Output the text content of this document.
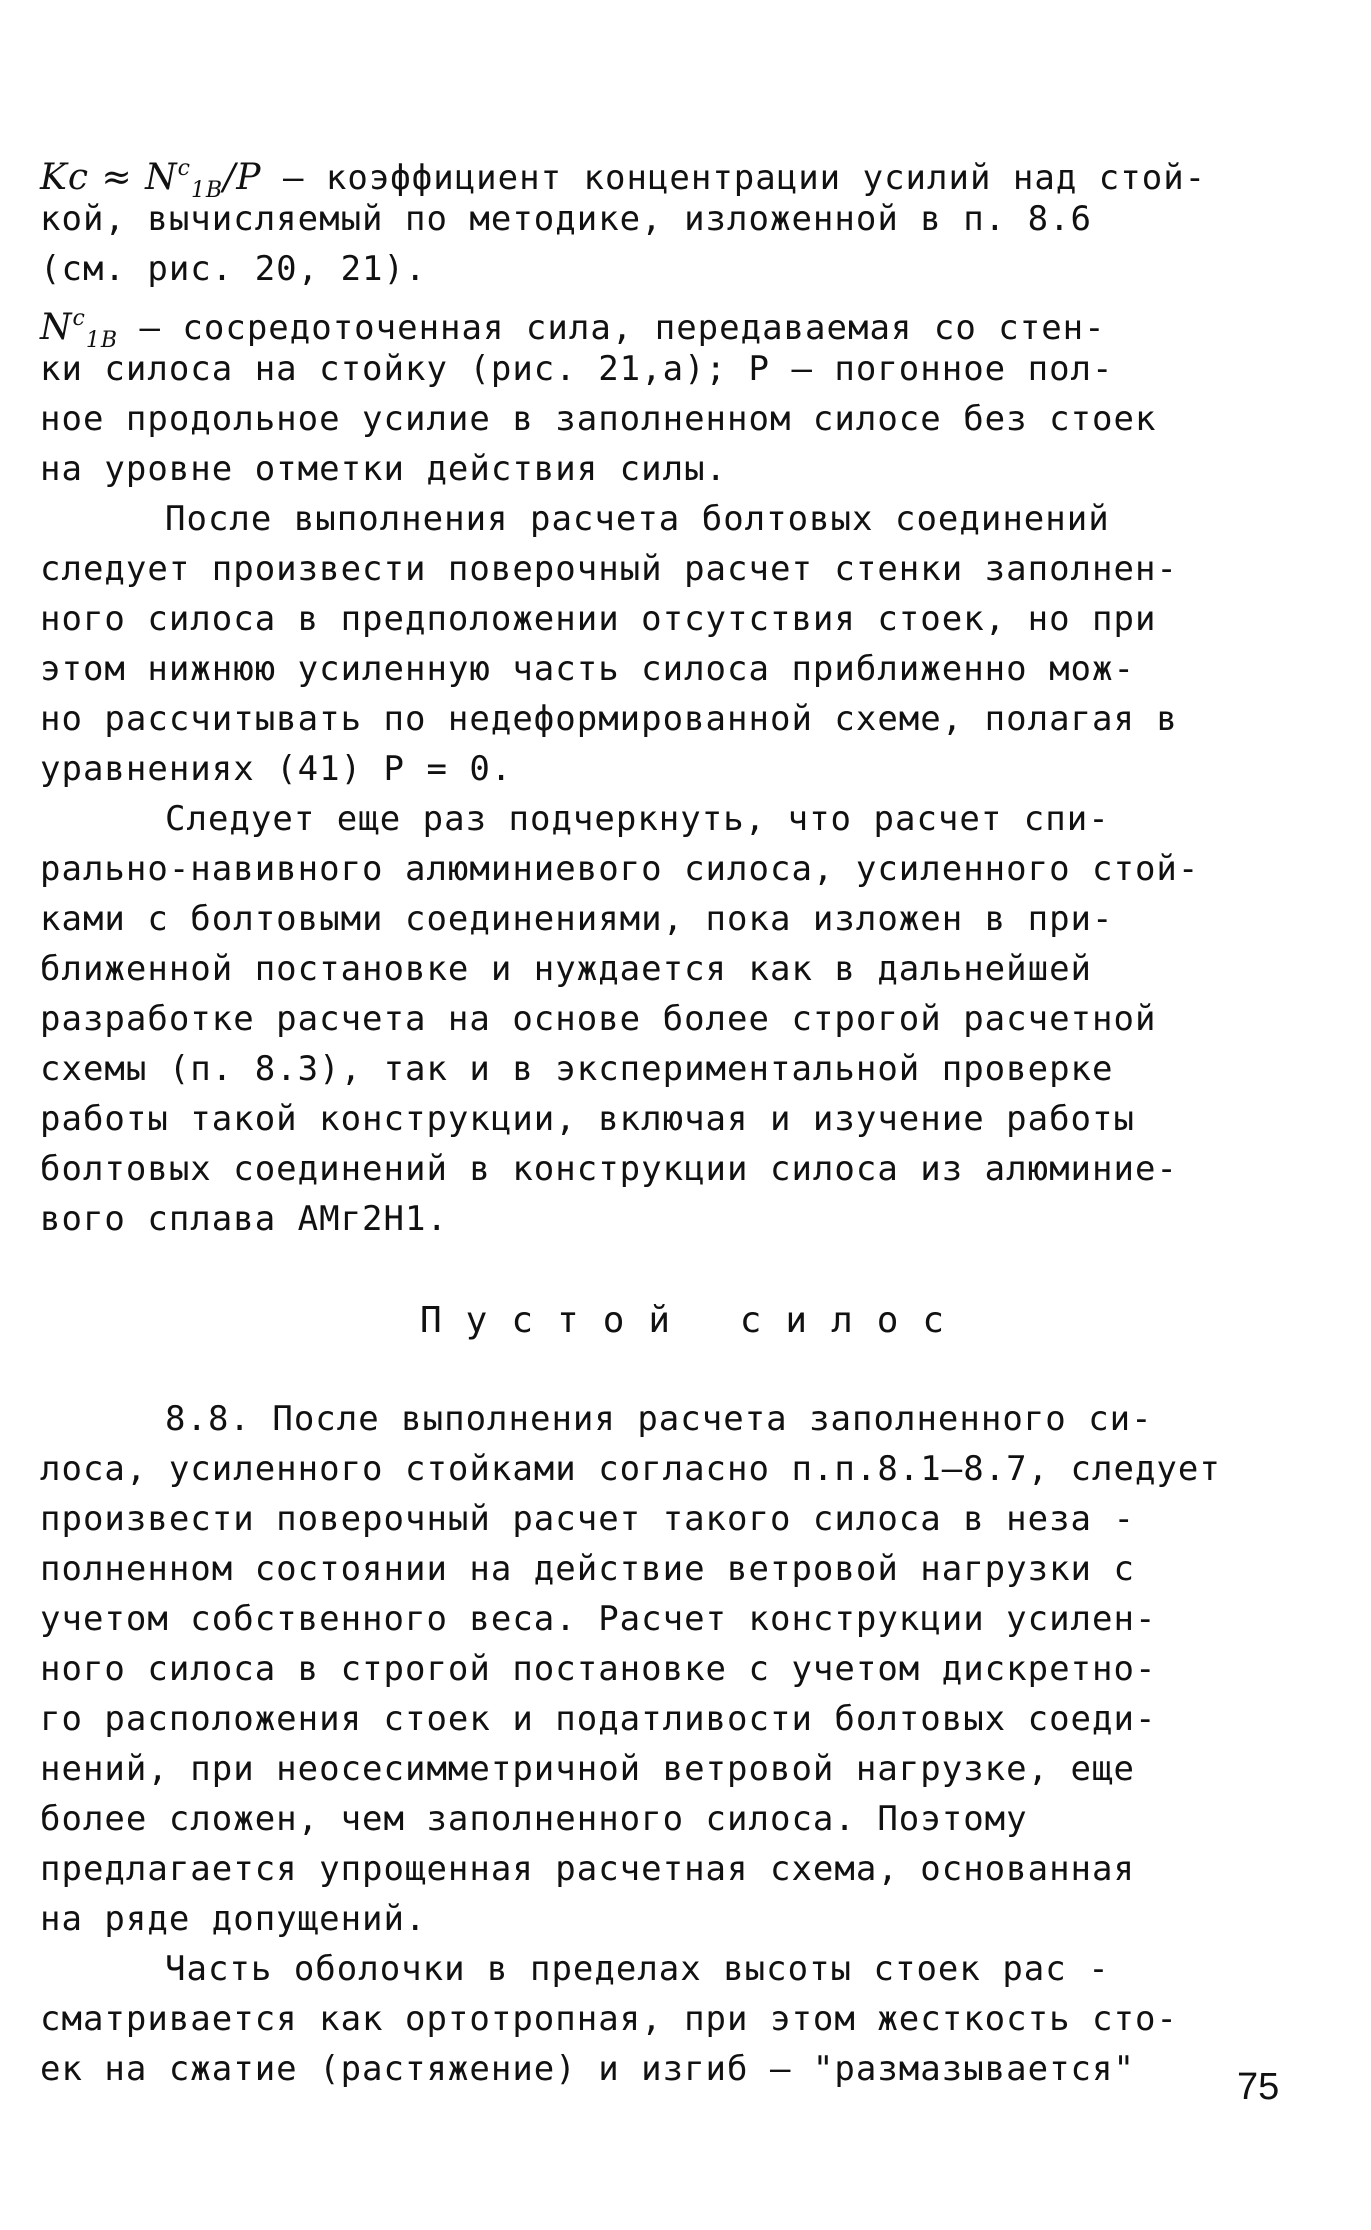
$Kc \approx N^c_{1B}/P$ – коэффициент концентрации усилий над стой-
кой, вычисляемый по методике, изложенной в п. 8.6
(см. рис. 20, 21).
$N^c_{1B}$ – сосредоточенная сила, передаваемая со стен-
ки силоса на стойку (рис. 21,а); P – погонное пол-
ное продольное усилие в заполненном силосе без стоек
на уровне отметки действия силы.
После выполнения расчета болтовых соединений
следует произвести поверочный расчет стенки заполнен-
ного силоса в предположении отсутствия стоек, но при
этом нижнюю усиленную часть силоса приближенно мож-
но рассчитывать по недеформированной схеме, полагая в
уравнениях (41) P = 0.
Следует еще раз подчеркнуть, что расчет спи-
рально-навивного алюминиевого силоса, усиленного стой-
ками с болтовыми соединениями, пока изложен в при-
ближенной постановке и нуждается как в дальнейшей
разработке расчета на основе более строгой расчетной
схемы (п. 8.3), так и в экспериментальной проверке
работы такой конструкции, включая и изучение работы
болтовых соединений в конструкции силоса из алюминие-
вого сплава АМг2Н1.
Пустой силос
8.8. После выполнения расчета заполненного си-
лоса, усиленного стойками согласно п.п.8.1–8.7, следует
произвести поверочный расчет такого силоса в неза -
полненном состоянии на действие ветровой нагрузки с
учетом собственного веса. Расчет конструкции усилен-
ного силоса в строгой постановке с учетом дискретно-
го расположения стоек и податливости болтовых соеди-
нений, при неосесимметричной ветровой нагрузке, еще
более сложен, чем заполненного силоса. Поэтому
предлагается упрощенная расчетная схема, основанная
на ряде допущений.
Часть оболочки в пределах высоты стоек рас -
сматривается как ортотропная, при этом жесткость сто-
ек на сжатие (растяжение) и изгиб – "размазывается"	75
